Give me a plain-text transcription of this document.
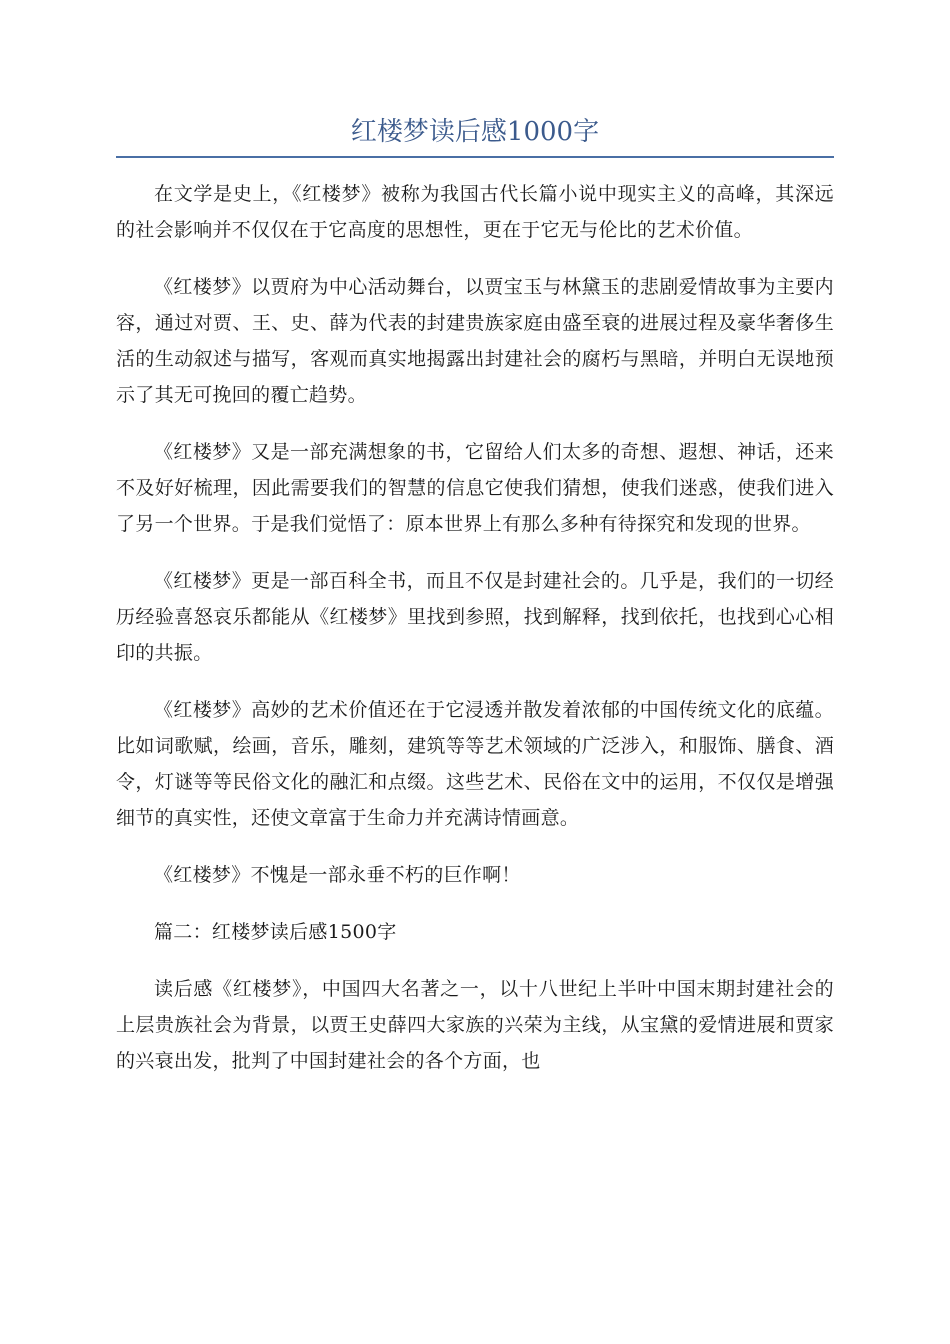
红楼梦读后感1000字

在文学是史上，《红楼梦》被称为我国古代长篇小说中现实主义的高峰，其深远的社会影响并不仅仅在于它高度的思想性，更在于它无与伦比的艺术价值。

《红楼梦》以贾府为中心活动舞台，以贾宝玉与林黛玉的悲剧爱情故事为主要内容，通过对贾、王、史、薛为代表的封建贵族家庭由盛至衰的进展过程及豪华奢侈生活的生动叙述与描写，客观而真实地揭露出封建社会的腐朽与黑暗，并明白无误地预示了其无可挽回的覆亡趋势。

《红楼梦》又是一部充满想象的书，它留给人们太多的奇想、遐想、神话，还来不及好好梳理，因此需要我们的智慧的信息它使我们猜想，使我们迷惑，使我们进入了另一个世界。于是我们觉悟了：原本世界上有那么多种有待探究和发现的世界。

《红楼梦》更是一部百科全书，而且不仅是封建社会的。几乎是，我们的一切经历经验喜怒哀乐都能从《红楼梦》里找到参照，找到解释，找到依托，也找到心心相印的共振。

《红楼梦》高妙的艺术价值还在于它浸透并散发着浓郁的中国传统文化的底蕴。比如词歌赋，绘画，音乐，雕刻，建筑等等艺术领域的广泛涉入，和服饰、膳食、酒令，灯谜等等民俗文化的融汇和点缀。这些艺术、民俗在文中的运用，不仅仅是增强细节的真实性，还使文章富于生命力并充满诗情画意。

《红楼梦》不愧是一部永垂不朽的巨作啊！

篇二：红楼梦读后感1500字

读后感《红楼梦》，中国四大名著之一，以十八世纪上半叶中国末期封建社会的上层贵族社会为背景，以贾王史薛四大家族的兴荣为主线，从宝黛的爱情进展和贾家的兴衰出发，批判了中国封建社会的各个方面，也
